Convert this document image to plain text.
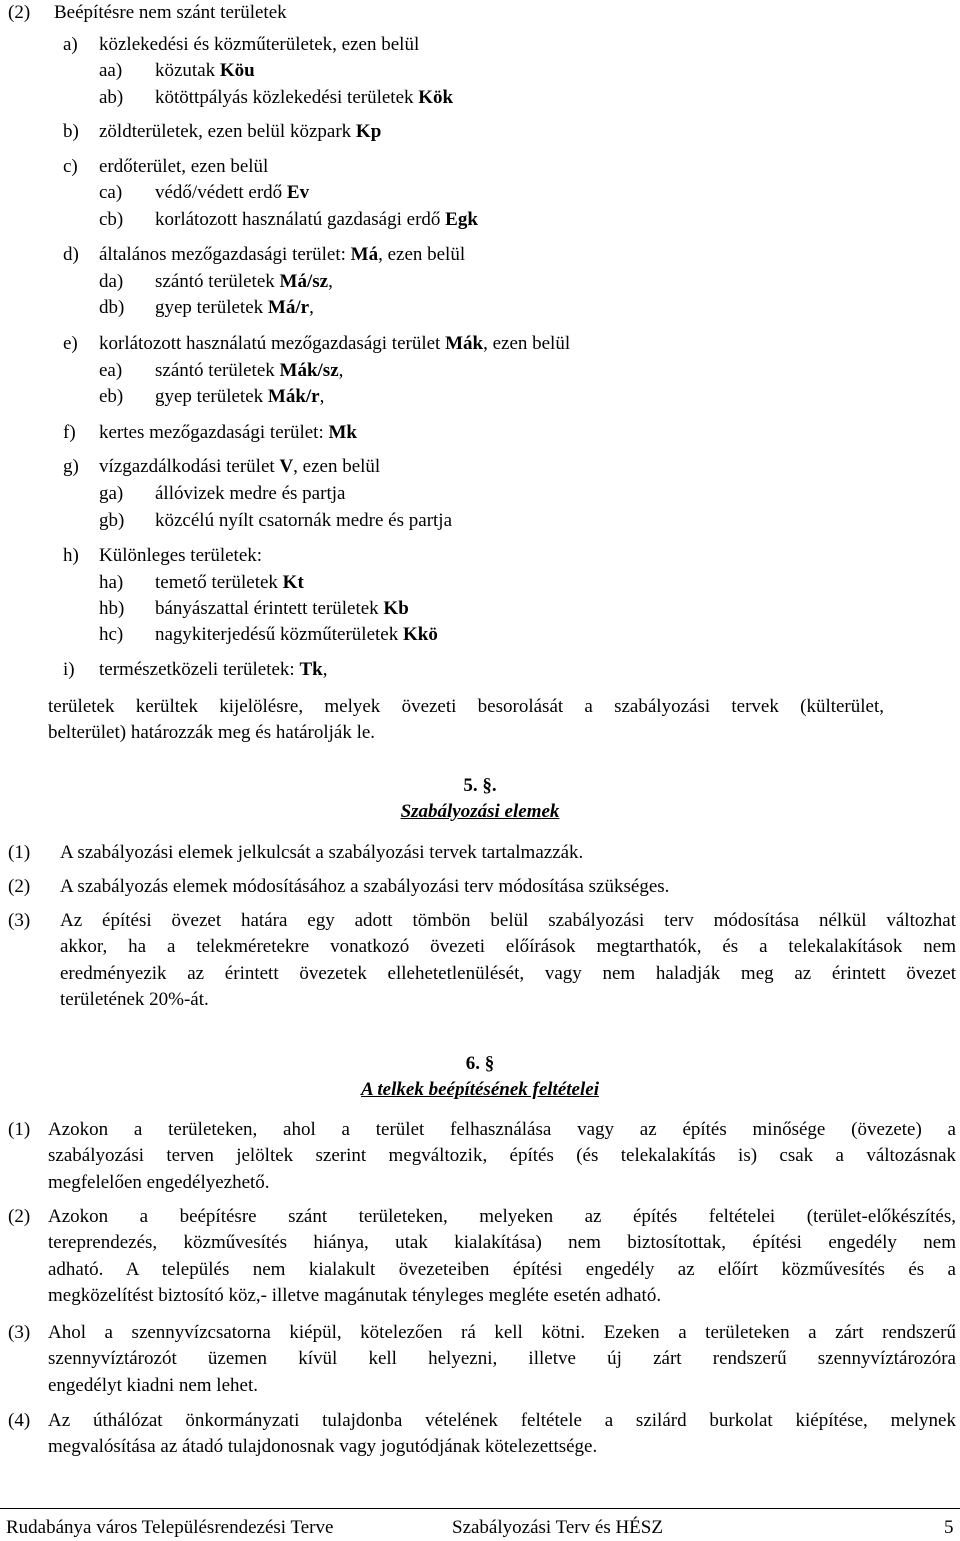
(2) Beépítésre nem szánt területek
a) közlekedési és közműterületek, ezen belül
aa) közutak Köu
ab) kötöttpályás közlekedési területek Kök
b) zöldterületek, ezen belül közpark Kp
c) erdőterület, ezen belül
ca) védő/védett erdő Ev
cb) korlátozott használatú gazdasági erdő Egk
d) általános mezőgazdasági terület: Má, ezen belül
da) szántó területek Má/sz,
db) gyep területek Má/r,
e) korlátozott használatú mezőgazdasági terület Mák, ezen belül
ea) szántó területek Mák/sz,
eb) gyep területek Mák/r,
f) kertes mezőgazdasági terület: Mk
g) vízgazdálkodási terület V, ezen belül
ga) állóvizek medre és partja
gb) közcélú nyílt csatornák medre és partja
h) Különleges területek:
ha) temető területek Kt
hb) bányászattal érintett területek Kb
hc) nagykiterjedésű közműterületek Kkö
i) természetközeli területek: Tk,
területek kerültek kijelölésre, melyek övezeti besorolását a szabályozási tervek (külterület,
belterület) határozzák meg és határolják le.
5. §.
Szabályozási elemek
(1) A szabályozási elemek jelkulcsát a szabályozási tervek tartalmazzák.
(2) A szabályozás elemek módosításához a szabályozási terv módosítása szükséges.
(3) Az építési övezet határa egy adott tömbön belül szabályozási terv módosítása nélkül változhat
akkor, ha a telekméretekre vonatkozó övezeti előírások megtarthatók, és a telekalakítások nem
eredményezik az érintett övezetek ellehetetlenülését, vagy nem haladják meg az érintett övezet
területének 20%-át.
6. §
A telkek beépítésének feltételei
(1) Azokon a területeken, ahol a terület felhasználása vagy az építés minősége (övezete) a
szabályozási terven jelöltek szerint megváltozik, építés (és telekalakítás is) csak a változásnak
megfelelően engedélyezhető.
(2) Azokon a beépítésre szánt területeken, melyeken az építés feltételei (terület-előkészítés,
tereprendezés, közművesítés hiánya, utak kialakítása) nem biztosítottak, építési engedély nem
adható. A település nem kialakult övezeteiben építési engedély az előírt közművesítés és a
megközelítést biztosító köz,- illetve magánutak tényleges megléte esetén adható.
(3) Ahol a szennyvízcsatorna kiépül, kötelezően rá kell kötni. Ezeken a területeken a zárt rendszerű
szennyvíztározót üzemen kívül kell helyezni, illetve új zárt rendszerű szennyvíztározóra
engedélyt kiadni nem lehet.
(4) Az úthálózat önkormányzati tulajdonba vételének feltétele a szilárd burkolat kiépítése, melynek
megvalósítása az átadó tulajdonosnak vagy jogutódjának kötelezettsége.
Rudabánya város Településrendezési Terve	Szabályozási Terv és HÉSZ	5
